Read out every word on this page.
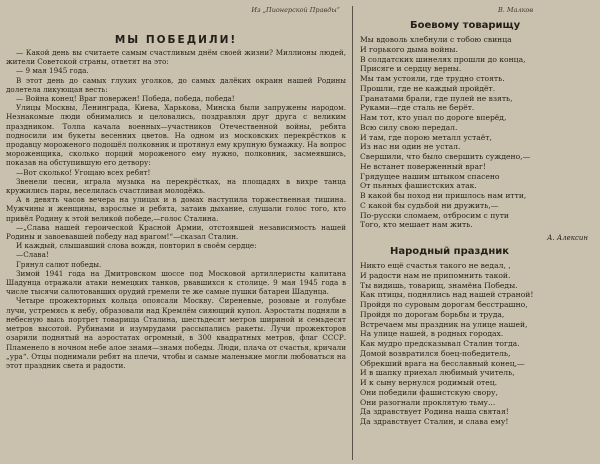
Из „Пионерской Правды“
МЫ ПОБЕДИЛИ!

— Какой день вы считаете самым счастливым днём своей жизни? Миллионы людей, жители Советской страны, ответят на это:

— 9 мая 1945 года.

В этот день до самых глухих уголков, до самых далёких окраин нашей Родины долетела ликующая весть:

— Война конец! Враг повержен! Победа, победа, победа!

Улицы Москвы, Ленинграда, Киева, Харькова, Минска были запружены народом. Незнакомые люди обнимались и целовались, поздравляя друг друга с великим праздником. Толпа качала военных—участников Отечественной войны, ребята подносили им букеты весенних цветов. На одном из московских перекрёстков к продавцу мороженого подошёл полковник и протянул ему крупную бумажку. На вопрос мороженщика, сколько порций мороженого ему нужно, полковник, засмеявшись, показав на обступившую его детвору:

—Вот сколько! Угощаю всех ребят!

Звенели песни, играла музыка на перекрёстках, на площадях в вихре танца кружились пары, веселилась счастливая молодёжь.

А в девять часов вечера на улицах и в домах наступила торжественная тишина. Мужчины и женщины, взрослые и ребята, затаив дыхание, слушали голос того, кто привёл Родину к этой великой победе,—голос Сталина.

—„Слава нашей героической Красной Армии, отстоявшей независимость нашей Родины и завоевавшей победу над врагом!“—сказал Сталин.

И каждый, слышавший слова вождя, повторил в своём сердце:

—Слава!

Грянул салют победы.

Зимой 1941 года на Дмитровском шоссе под Московой артиллеристы капитана Шадунца отражали атаки немецких танков, рвавшихся к столице. 9 мая 1945 года в числе тысячи салютовавших орудий гремели те же самые пушки батареи Шадунца.

Четыре прожекторных кольца опоясали Москву. Сиреневые, розовые и голубые лучи, устремясь к небу, образовали над Кремлём сияющий купол. Аэростаты подняли в небесную высь портрет товарища Сталина, шестьдесят метров шириной и семьдесят метров высотой. Рубинами и изумрудами рассыпались ракеты. Лучи прожекторов озарили поднятый на аэростатах огромный, в 300 квадратных метров, флаг СССР. Пламенело в ночном небе алое знамя—знамя победы. Люди, плача от счастья, кричали „ура“. Отцы поднимали ребят на плечи, чтобы и самые маленькие могли любоваться на этот праздник света и радости.

В. Малков
Боевому товарищу
Мы вдоволь хлебнули с тобою свинца
И горького дыма войны.
В солдатских шинелях прошли до конца,
Присяге и сердцу верны.
Мы там устояли, где трудно стоять.
Прошли, где не каждый пройдёт.
Гранатами брали, где пулей не взять,
Руками—где сталь не берёт.
Нам тот, кто упал по дороге вперёд,
Всю силу свою передал.
И там, где порою металл устаёт,
Из нас ни один не устал.
Свершили, что было свершить суждено,—
Не встанет поверженный враг!
Грядущее нашим штыком спасено
От пьяных фашистских атак.
В какой бы поход ни пришлось нам итти,
С какой бы судьбой ни дружить,—
По-русски сломаем, отбросим с пути
Того, кто мешает нам жить.
А. Алексин
Народный праздник
Никто ещё счастья такого не ведал, ,
И радости нам не припомнить такой.
Ты видишь, товарищ, знамёна Победы.
Как птицы, поднялись над нашей страной!
Пройдя по суровым дорогам бесстрашно,
Пройдя по дорогам борьбы и труда,
Встречаем мы праздник на улице нашей,
На улице нашей, в родных городах.
Как мудро предсказывал Сталин тогда.
Домой возвратился боец-победитель,
Обрекший врага на бесславный конец,—
И в шапку приехал любимый учитель,
И к сыну вернулся родимый отец.
Они победили фашистскую свору,
Они разогнали проклятую тьму...
Да здравствует Родина наша святая!
Да здравствует Сталин, и слава ему!
